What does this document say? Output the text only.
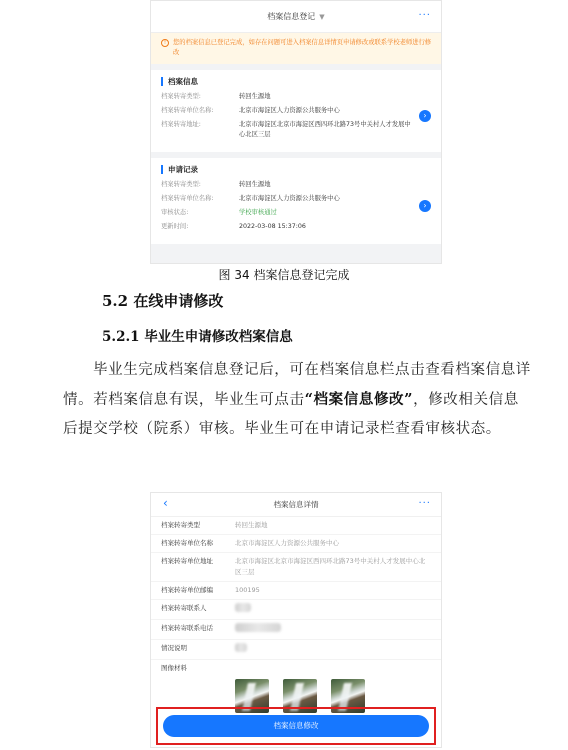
档案信息登记 ▼	···
!	您的档案信息已登记完成，如存在问题可进入档案信息详情页申请修改或联系学校老师进行修改
档案信息
档案转寄类型:	转回生源地
档案转寄单位名称:	北京市海淀区人力资源公共服务中心
档案转寄地址:	北京市海淀区北京市海淀区西四环北路73号中关村人才发展中心北区三层
›
申请记录
档案转寄类型:	转回生源地
档案转寄单位名称:	北京市海淀区人力资源公共服务中心
审核状态:	学校审核通过
更新时间:	2022-03-08 15:37:06
›
图 34 档案信息登记完成
5.2 在线申请修改
5.2.1 毕业生申请修改档案信息
毕业生完成档案信息登记后，可在档案信息栏点击查看档案信息详情。若档案信息有误，毕业生可点击“档案信息修改”，修改相关信息后提交学校（院系）审核。毕业生可在申请记录栏查看审核状态。
‹	档案信息详情	···
档案转寄类型	转回生源地
档案转寄单位名称	北京市海淀区人力资源公共服务中心
档案转寄单位地址	北京市海淀区北京市海淀区西四环北路73号中关村人才发展中心北区三层
档案转寄单位邮编	100195
档案转寄联系人
档案转寄联系电话
情况说明
图像材料
档案信息修改
